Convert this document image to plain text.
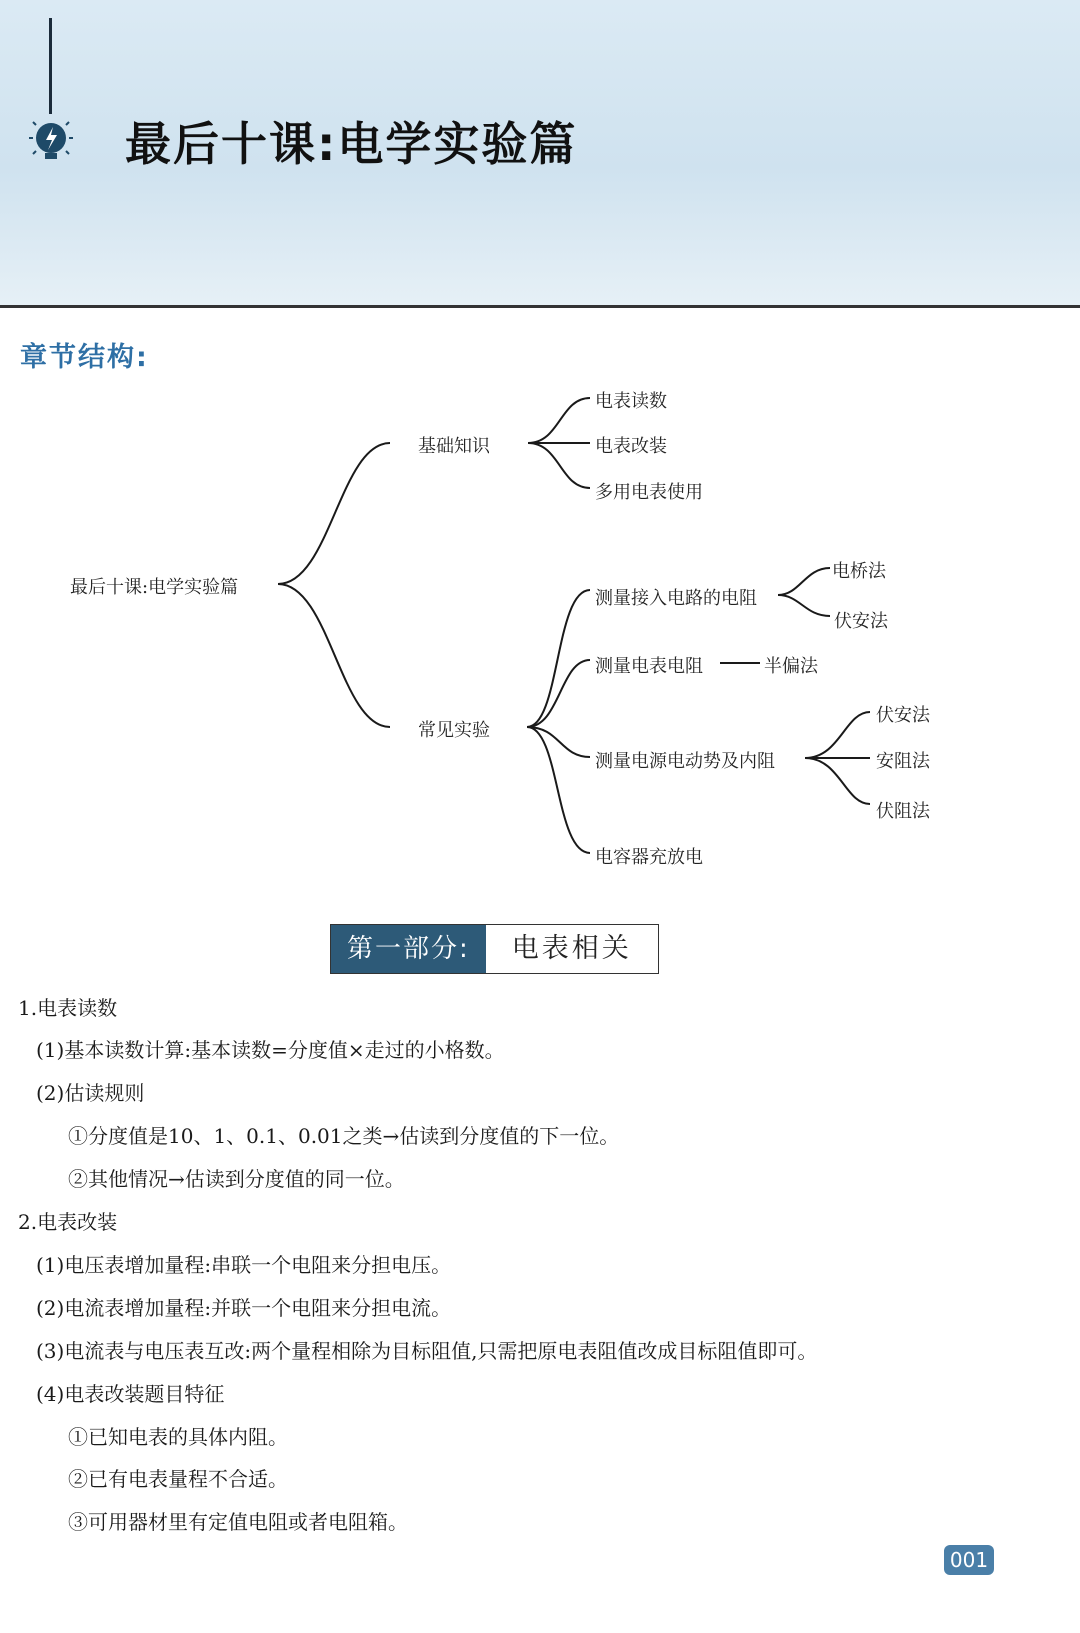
最后十课:电学实验篇
章节结构:
最后十课:电学实验篇
基础知识
电表读数
电表改装
多用电表使用
常见实验
测量接入电路的电阻
电桥法
伏安法
测量电表电阻	半偏法
测量电源电动势及内阻
伏安法
安阻法
伏阻法
电容器充放电
第一部分:	电表相关
1.电表读数
(1)基本读数计算:基本读数=分度值×走过的小格数。
(2)估读规则
①分度值是10、1、0.1、0.01之类→估读到分度值的下一位。
②其他情况→估读到分度值的同一位。
2.电表改装
(1)电压表增加量程:串联一个电阻来分担电压。
(2)电流表增加量程:并联一个电阻来分担电流。
(3)电流表与电压表互改:两个量程相除为目标阻值,只需把原电表阻值改成目标阻值即可。
(4)电表改装题目特征
①已知电表的具体内阻。
②已有电表量程不合适。
③可用器材里有定值电阻或者电阻箱。
001
